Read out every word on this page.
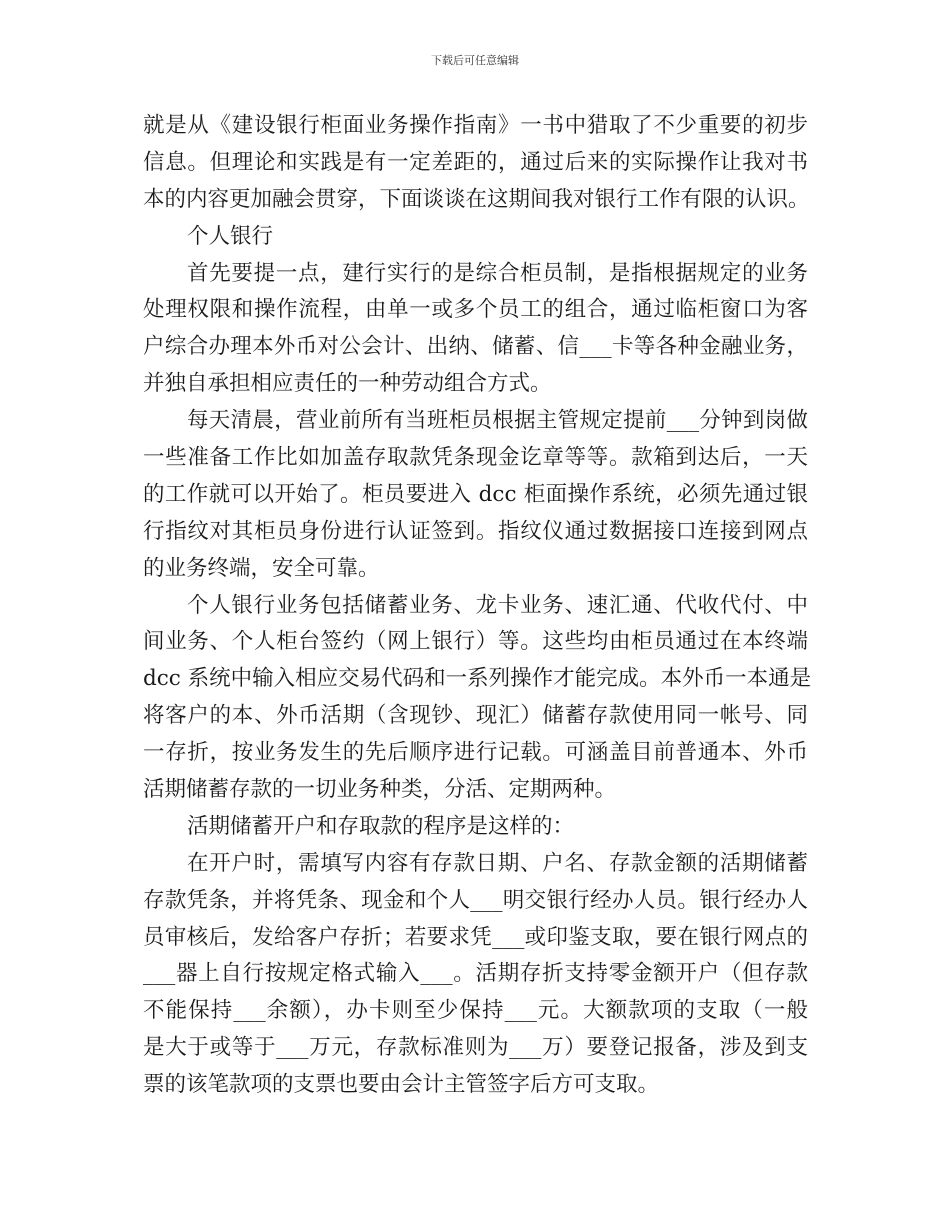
下载后可任意编辑
就是从《建设银行柜面业务操作指南》一书中猎取了不少重要的初步
信息。但理论和实践是有一定差距的，通过后来的实际操作让我对书
本的内容更加融会贯穿，下面谈谈在这期间我对银行工作有限的认识。
个人银行
首先要提一点，建行实行的是综合柜员制，是指根据规定的业务
处理权限和操作流程，由单一或多个员工的组合，通过临柜窗口为客
户综合办理本外币对公会计、出纳、储蓄、信___卡等各种金融业务，
并独自承担相应责任的一种劳动组合方式。
每天清晨，营业前所有当班柜员根据主管规定提前___分钟到岗做
一些准备工作比如加盖存取款凭条现金讫章等等。款箱到达后，一天
的工作就可以开始了。柜员要进入 dcc 柜面操作系统，必须先通过银
行指纹对其柜员身份进行认证签到。指纹仪通过数据接口连接到网点
的业务终端，安全可靠。
个人银行业务包括储蓄业务、龙卡业务、速汇通、代收代付、中
间业务、个人柜台签约（网上银行）等。这些均由柜员通过在本终端
dcc 系统中输入相应交易代码和一系列操作才能完成。本外币一本通是
将客户的本、外币活期（含现钞、现汇）储蓄存款使用同一帐号、同
一存折，按业务发生的先后顺序进行记载。可涵盖目前普通本、外币
活期储蓄存款的一切业务种类，分活、定期两种。
活期储蓄开户和存取款的程序是这样的：
在开户时，需填写内容有存款日期、户名、存款金额的活期储蓄
存款凭条，并将凭条、现金和个人___明交银行经办人员。银行经办人
员审核后，发给客户存折；若要求凭___或印鉴支取，要在银行网点的
___器上自行按规定格式输入___。活期存折支持零金额开户（但存款
不能保持___余额），办卡则至少保持___元。大额款项的支取（一般
是大于或等于___万元，存款标准则为___万）要登记报备，涉及到支
票的该笔款项的支票也要由会计主管签字后方可支取。
